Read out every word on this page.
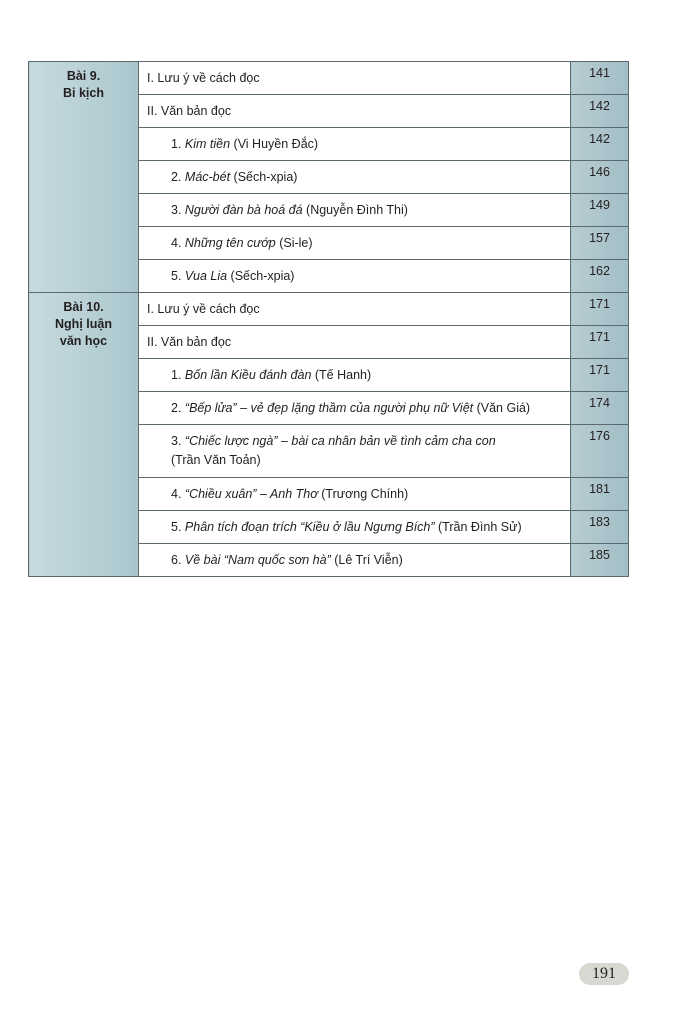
Bài 9.
Bi kịch	I. Lưu ý về cách đọc	141
	II. Văn bản đọc	142
	1. Kim tiền (Vi Huyền Đắc)	142
	2. Mác-bét (Sếch-xpia)	146
	3. Người đàn bà hoá đá (Nguyễn Đình Thi)	149
	4. Những tên cướp (Si-le)	157
	5. Vua Lia (Sếch-xpia)	162

Bài 10.
Nghị luận
văn học	I. Lưu ý về cách đọc	171
	II. Văn bản đọc	171
	1. Bốn lần Kiều đánh đàn (Tế Hanh)	171
	2. “Bếp lửa” – vẻ đẹp lặng thầm của người phụ nữ Việt (Văn Giá)	174
	3. “Chiếc lược ngà” – bài ca nhân bản về tình cảm cha con
(Trần Văn Toản)	176
	4. “Chiều xuân” – Anh Thơ (Trương Chính)	181
	5. Phân tích đoạn trích “Kiều ở lầu Ngưng Bích” (Trần Đình Sử)	183
	6. Về bài “Nam quốc sơn hà” (Lê Trí Viễn)	185
191
